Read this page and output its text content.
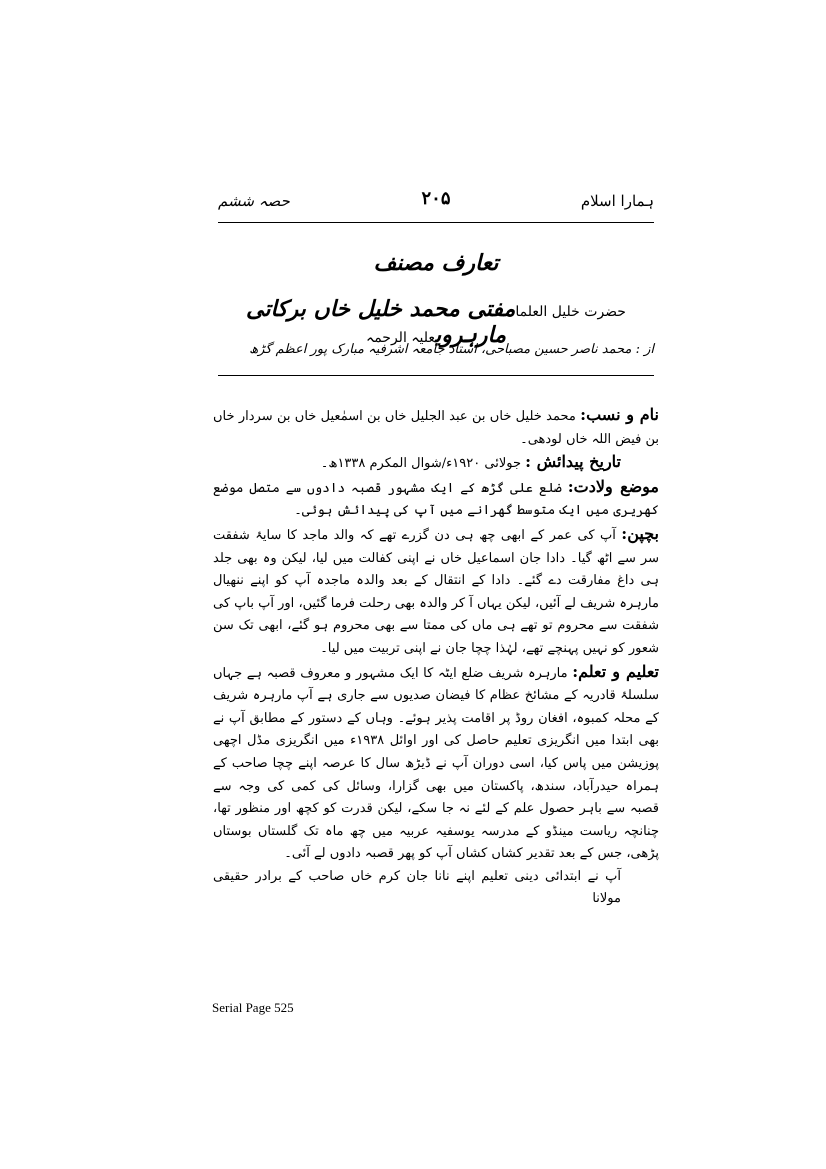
ہمارا اسلام
۲۰۵
حصہ ششم
تعارف مصنف
حضرت خلیل العلمامفتی محمد خلیل خاں برکاتی مارہرویعلیہ الرحمہ
از : محمد ناصر حسین مصباحی، استاذ جامعہ اشرفیہ مبارک پور اعظم گڑھ

نام و نسب: محمد خلیل خاں بن عبد الجلیل خاں بن اسمٰعیل خاں بن سردار خاں بن فیض اللہ خاں لودھی۔

تاریخ پیدائش : جولائی ۱۹۲۰ء/شوال المکرم ۱۳۳۸ھ۔

موضع ولادت: ضلع علی گڑھ کے ایک مشہور قصبہ دادوں سے متصل موضع کھریری میں ایک متوسط گھرانے میں آپ کی پیدائش ہوئی۔

بچپن: آپ کی عمر کے ابھی چھ ہی دن گزرے تھے کہ والد ماجد کا سایۂ شفقت سر سے اٹھ گیا۔ دادا جان اسماعیل خاں نے اپنی کفالت میں لیا، لیکن وہ بھی جلد ہی داغ مفارقت دے گئے۔ دادا کے انتقال کے بعد والدہ ماجدہ آپ کو اپنے ننھیال مارہرہ شریف لے آئیں، لیکن یہاں آ کر والدہ بھی رحلت فرما گئیں، اور آپ باپ کی شفقت سے محروم تو تھے ہی ماں کی ممتا سے بھی محروم ہو گئے، ابھی تک سن شعور کو نہیں پہنچے تھے، لہٰذا چچا جان نے اپنی تربیت میں لیا۔

تعلیم و تعلم: مارہرہ شریف ضلع ایٹہ کا ایک مشہور و معروف قصبہ ہے جہاں سلسلۂ قادریہ کے مشائخ عظام کا فیضان صدیوں سے جاری ہے آپ مارہرہ شریف کے محلہ کمبوہ، افغان روڈ پر اقامت پذیر ہوئے۔ وہاں کے دستور کے مطابق آپ نے بھی ابتدا میں انگریزی تعلیم حاصل کی اور اوائل ۱۹۳۸ء میں انگریزی مڈل اچھی پوزیشن میں پاس کیا، اسی دوران آپ نے ڈیڑھ سال کا عرصہ اپنے چچا صاحب کے ہمراہ حیدرآباد، سندھ، پاکستان میں بھی گزارا، وسائل کی کمی کی وجہ سے قصبہ سے باہر حصول علم کے لئے نہ جا سکے، لیکن قدرت کو کچھ اور منظور تھا، چنانچہ ریاست مینڈو کے مدرسہ یوسفیہ عربیہ میں چھ ماہ تک گلستاں بوستاں پڑھی، جس کے بعد تقدیر کشاں کشاں آپ کو پھر قصبہ دادوں لے آئی۔

آپ نے ابتدائی دینی تعلیم اپنے نانا جان کرم خاں صاحب کے برادر حقیقی مولانا

Serial Page 525
